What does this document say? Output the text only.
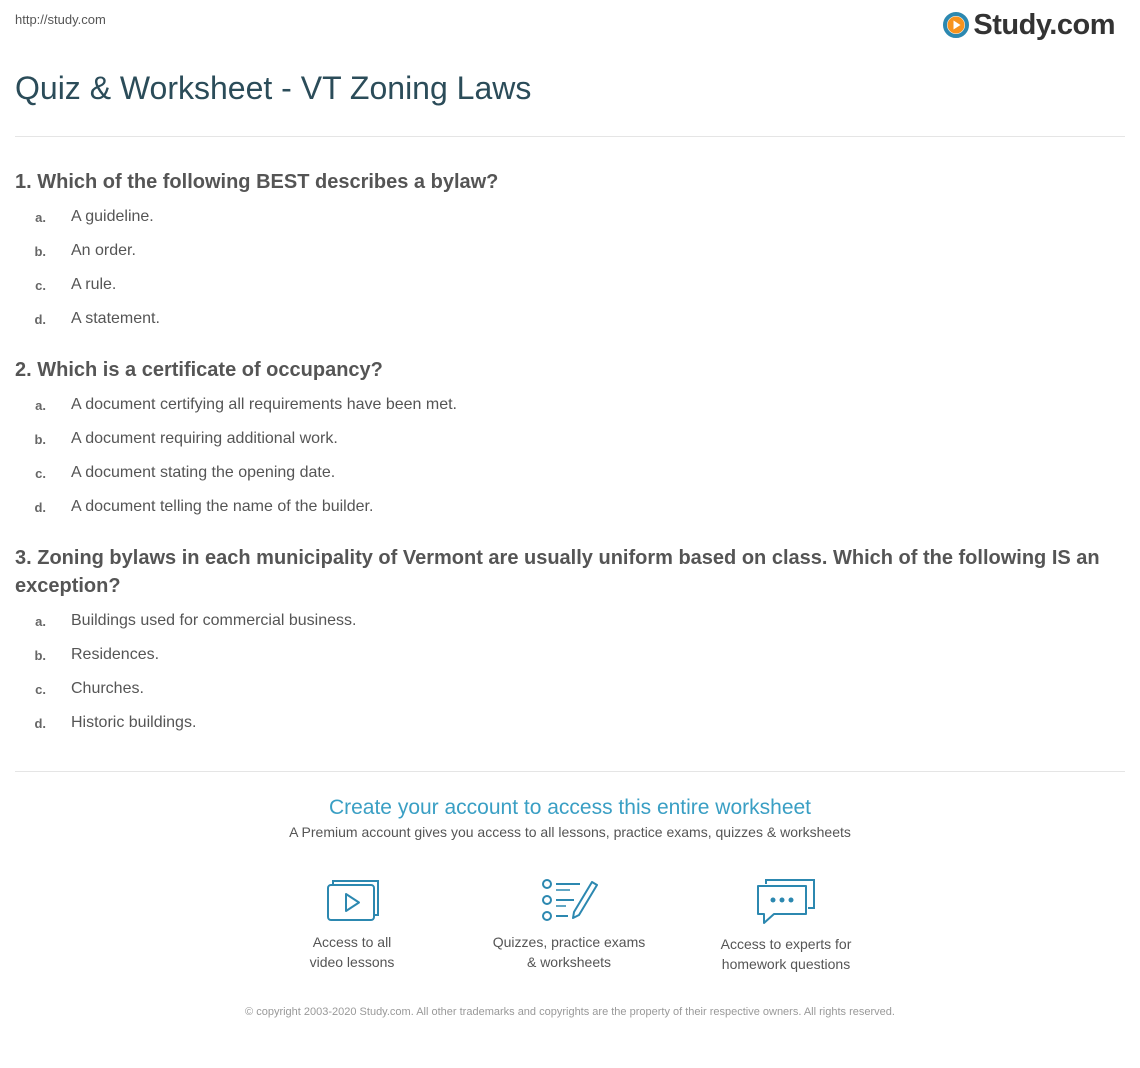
http://study.com	Study.com
Quiz & Worksheet - VT Zoning Laws

1. Which of the following BEST describes a bylaw?

a. A guideline.
b. An order.
c. A rule.
d. A statement.

2. Which is a certificate of occupancy?

a. A document certifying all requirements have been met.
b. A document requiring additional work.
c. A document stating the opening date.
d. A document telling the name of the builder.

3. Zoning bylaws in each municipality of Vermont are usually uniform based on class. Which of the following IS an exception?

a. Buildings used for commercial business.
b. Residences.
c. Churches.
d. Historic buildings.

Create your account to access this entire worksheet

A Premium account gives you access to all lessons, practice exams, quizzes & worksheets
Access to all
video lessons
Quizzes, practice exams
& worksheets
Access to experts for
homework questions
© copyright 2003-2020 Study.com. All other trademarks and copyrights are the property of their respective owners. All rights reserved.
